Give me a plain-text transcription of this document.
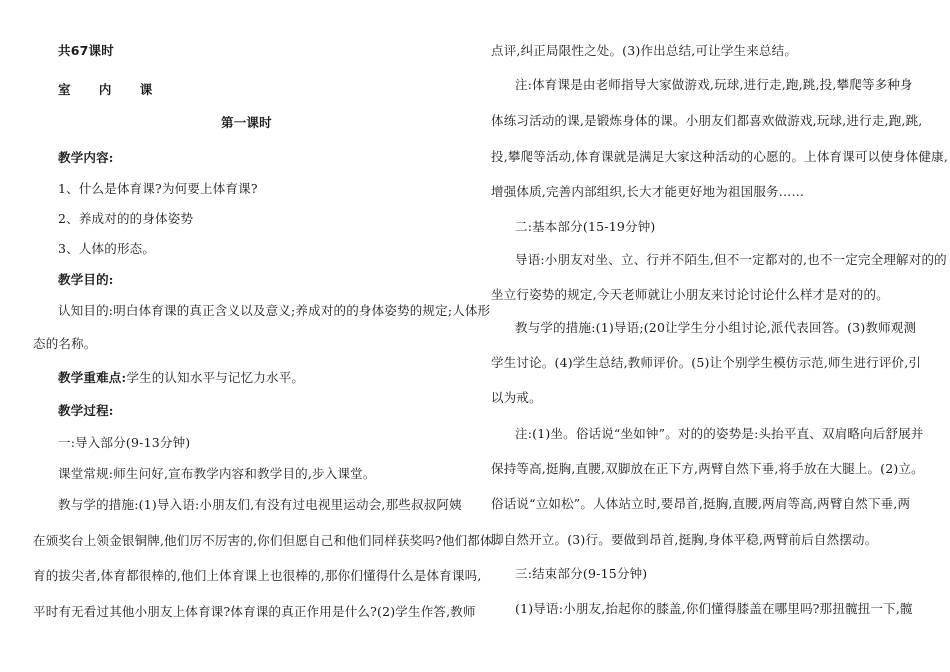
共67课时
室 内 课
第一课时
教学内容:
1、什么是体育课?为何要上体育课?
2、养成对的的身体姿势
3、人体的形态。
教学目的:
认知目的:明白体育课的真正含义以及意义;养成对的的身体姿势的规定;人体形
态的名称。
教学重难点:学生的认知水平与记忆力水平。
教学过程:
一:导入部分(9-13分钟)
课堂常规:师生问好,宣布教学内容和教学目的,步入课堂。
教与学的措施:(1)导入语:小朋友们,有没有过电视里运动会,那些叔叔阿姨
在颁奖台上领金银铜牌,他们厉不厉害的,你们但愿自己和他们同样获奖吗?他们都体
育的拔尖者,体育都很棒的,他们上体育课上也很棒的,那你们懂得什么是体育课吗,
平时有无看过其他小朋友上体育课?体育课的真正作用是什么?(2)学生作答,教师
点评,纠正局限性之处。(3)作出总结,可让学生来总结。
注:体育课是由老师指导大家做游戏,玩球,进行走,跑,跳,投,攀爬等多种身
体练习活动的课,是锻炼身体的课。小朋友们都喜欢做游戏,玩球,进行走,跑,跳,
投,攀爬等活动,体育课就是满足大家这种活动的心愿的。上体育课可以使身体健康,
增强体质,完善内部组织,长大才能更好地为祖国服务……
二:基本部分(15-19分钟)
导语:小朋友对坐、立、行并不陌生,但不一定都对的,也不一定完全理解对的的
坐立行姿势的规定,今天老师就让小朋友来讨论讨论什么样才是对的的。
教与学的措施:(1)导语;(20让学生分小组讨论,派代表回答。(3)教师观测
学生讨论。(4)学生总结,教师评价。(5)让个别学生模仿示范,师生进行评价,引
以为戒。
注:(1)坐。俗话说“坐如钟”。对的的姿势是:头抬平直、双肩略向后舒展并
保持等高,挺胸,直腰,双脚放在正下方,两臂自然下垂,将手放在大腿上。(2)立。
俗话说“立如松”。人体站立时,要昂首,挺胸,直腰,两肩等高,两臂自然下垂,两
脚自然开立。(3)行。要做到昂首,挺胸,身体平稳,两臂前后自然摆动。
三:结束部分(9-15分钟)
(1)导语:小朋友,抬起你的膝盖,你们懂得膝盖在哪里吗?那扭髋扭一下,髋
